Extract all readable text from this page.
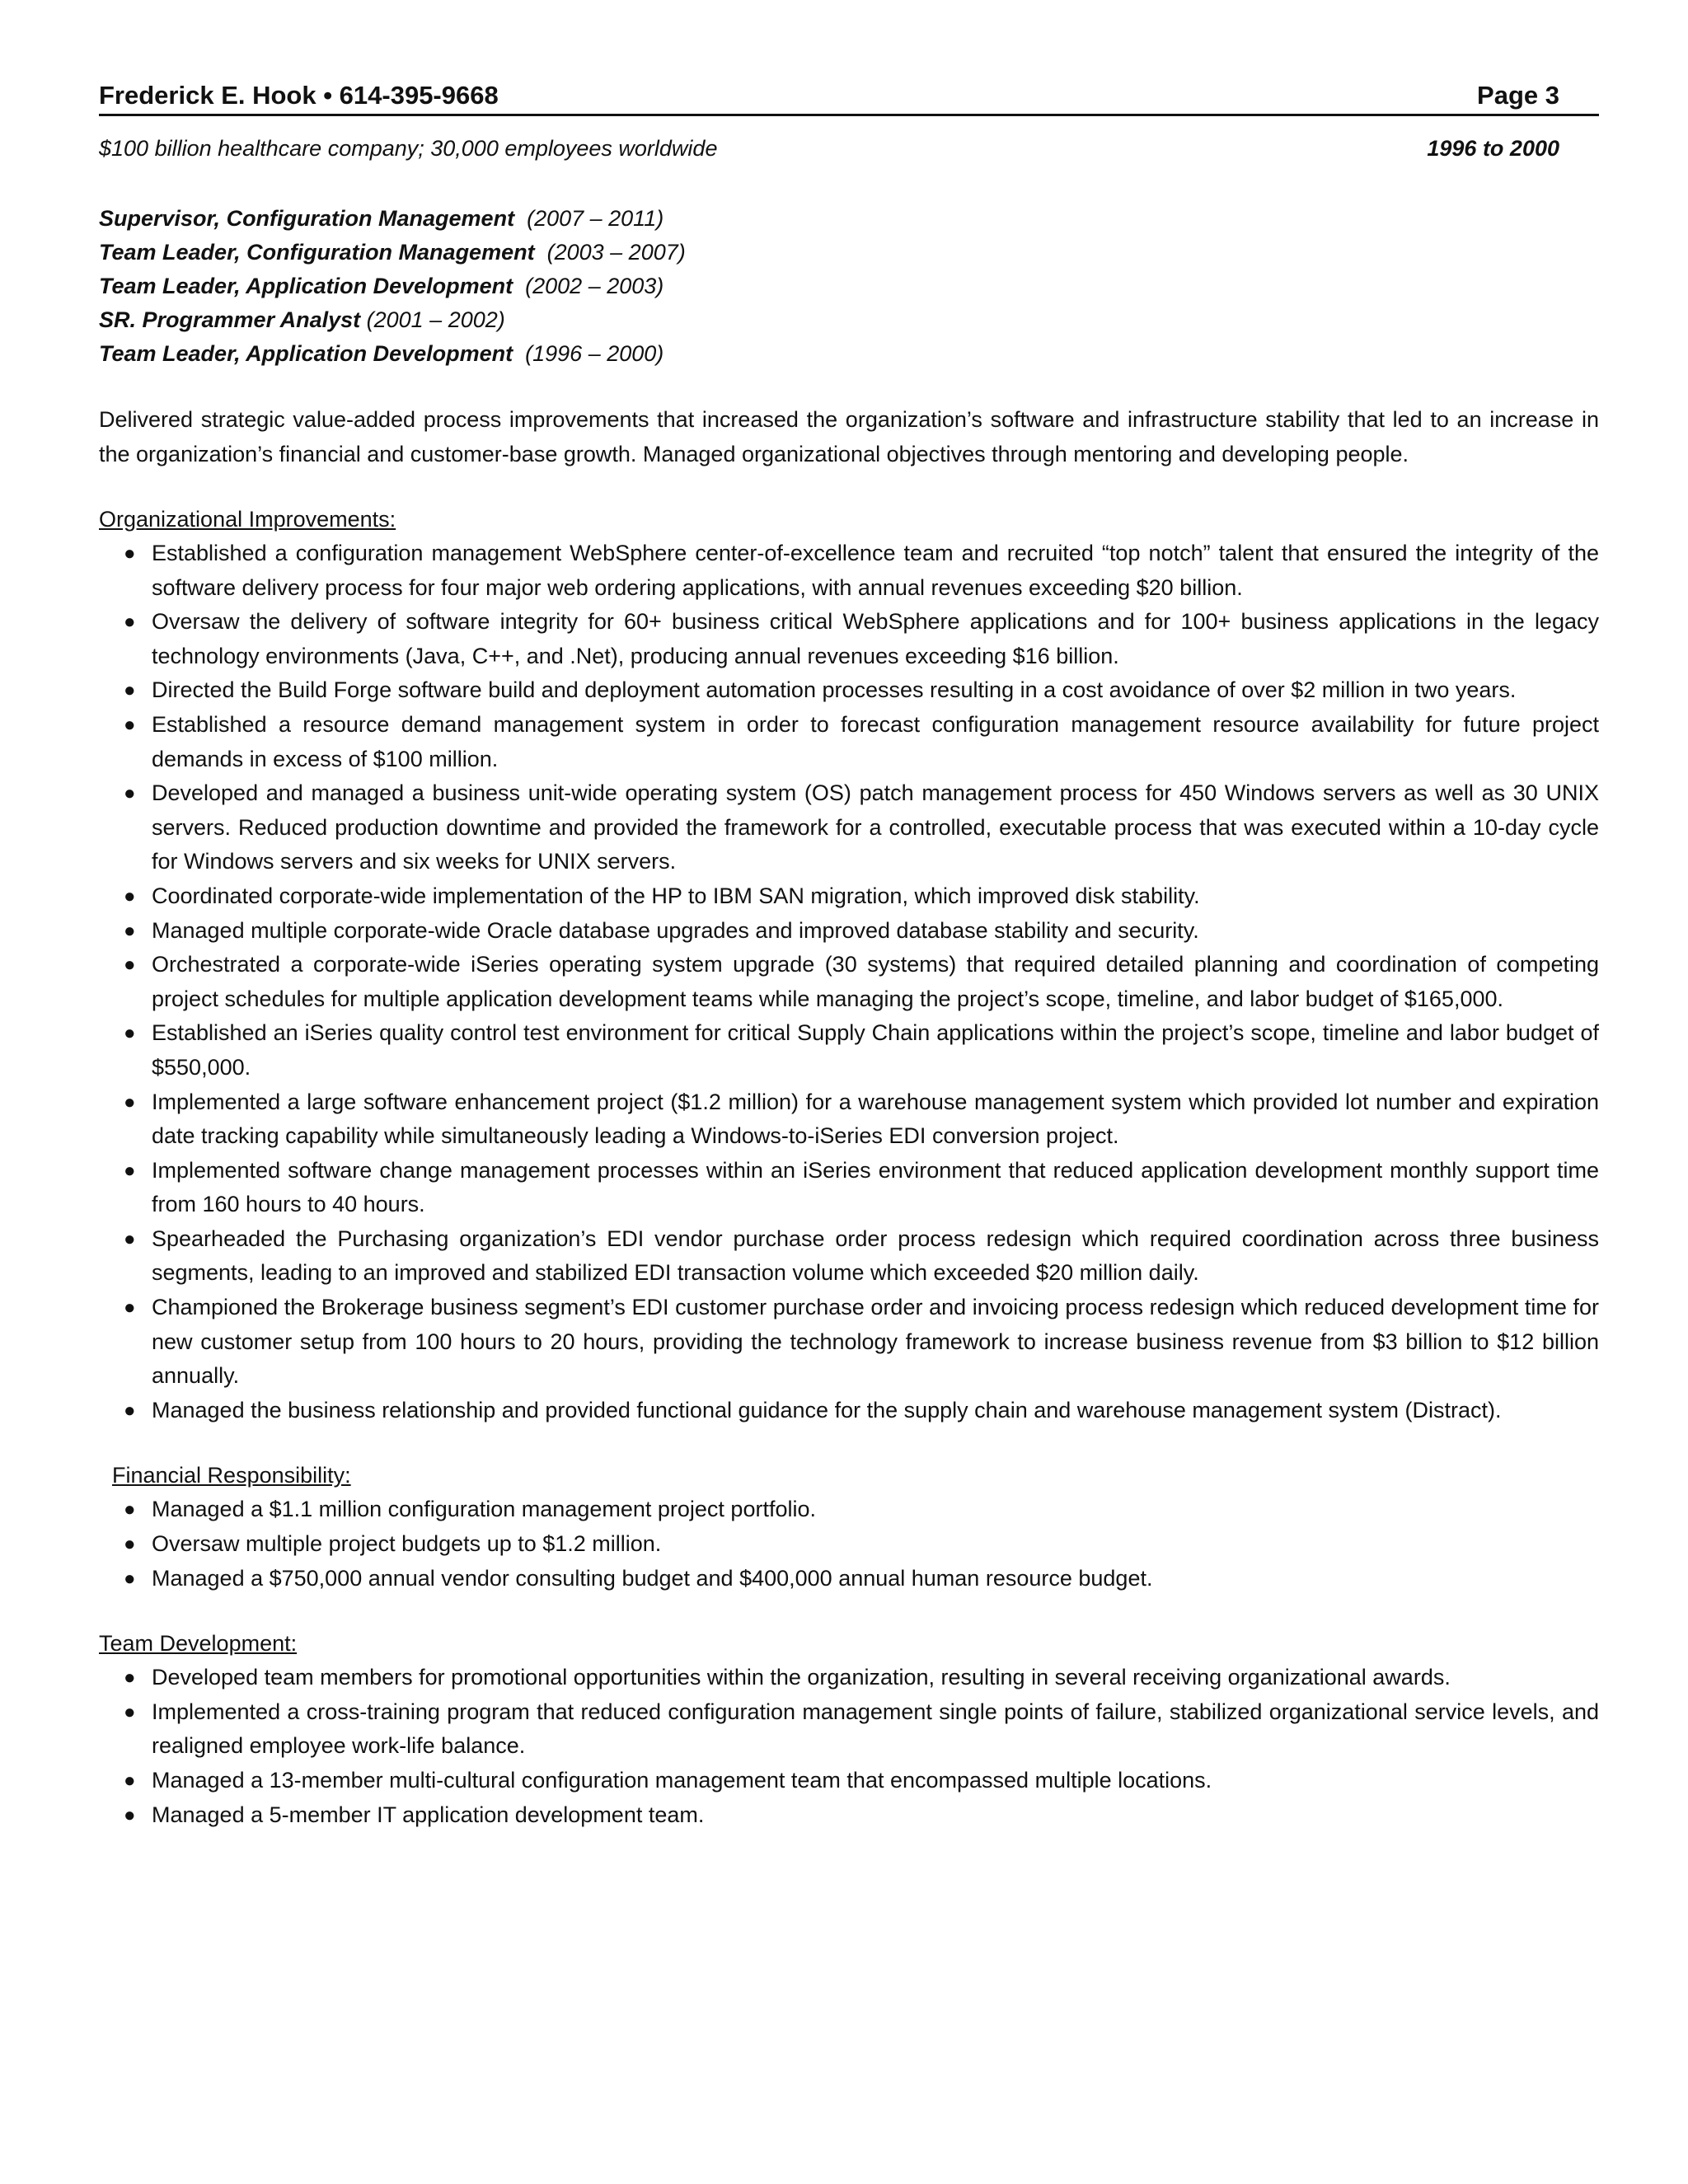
Frederick E. Hook • 614-395-9668	Page 3
$100 billion healthcare company; 30,000 employees worldwide	1996 to 2000
Supervisor, Configuration Management (2007 – 2011)
Team Leader, Configuration Management (2003 – 2007)
Team Leader, Application Development (2002 – 2003)
SR. Programmer Analyst (2001 – 2002)
Team Leader, Application Development (1996 – 2000)
Delivered strategic value-added process improvements that increased the organization’s software and infrastructure stability that led to an increase in the organization’s financial and customer-base growth. Managed organizational objectives through mentoring and developing people.
Organizational Improvements:
● Established a configuration management WebSphere center-of-excellence team and recruited “top notch” talent that ensured the integrity of the software delivery process for four major web ordering applications, with annual revenues exceeding $20 billion.
● Oversaw the delivery of software integrity for 60+ business critical WebSphere applications and for 100+ business applications in the legacy technology environments (Java, C++, and .Net), producing annual revenues exceeding $16 billion.
● Directed the Build Forge software build and deployment automation processes resulting in a cost avoidance of over $2 million in two years.
● Established a resource demand management system in order to forecast configuration management resource availability for future project demands in excess of $100 million.
● Developed and managed a business unit-wide operating system (OS) patch management process for 450 Windows servers as well as 30 UNIX servers. Reduced production downtime and provided the framework for a controlled, executable process that was executed within a 10-day cycle for Windows servers and six weeks for UNIX servers.
● Coordinated corporate-wide implementation of the HP to IBM SAN migration, which improved disk stability.
● Managed multiple corporate-wide Oracle database upgrades and improved database stability and security.
● Orchestrated a corporate-wide iSeries operating system upgrade (30 systems) that required detailed planning and coordination of competing project schedules for multiple application development teams while managing the project’s scope, timeline, and labor budget of $165,000.
● Established an iSeries quality control test environment for critical Supply Chain applications within the project’s scope, timeline and labor budget of $550,000.
● Implemented a large software enhancement project ($1.2 million) for a warehouse management system which provided lot number and expiration date tracking capability while simultaneously leading a Windows-to-iSeries EDI conversion project.
● Implemented software change management processes within an iSeries environment that reduced application development monthly support time from 160 hours to 40 hours.
● Spearheaded the Purchasing organization’s EDI vendor purchase order process redesign which required coordination across three business segments, leading to an improved and stabilized EDI transaction volume which exceeded $20 million daily.
● Championed the Brokerage business segment’s EDI customer purchase order and invoicing process redesign which reduced development time for new customer setup from 100 hours to 20 hours, providing the technology framework to increase business revenue from $3 billion to $12 billion annually.
● Managed the business relationship and provided functional guidance for the supply chain and warehouse management system (Distract).
Financial Responsibility:
● Managed a $1.1 million configuration management project portfolio.
● Oversaw multiple project budgets up to $1.2 million.
● Managed a $750,000 annual vendor consulting budget and $400,000 annual human resource budget.
Team Development:
● Developed team members for promotional opportunities within the organization, resulting in several receiving organizational awards.
● Implemented a cross-training program that reduced configuration management single points of failure, stabilized organizational service levels, and realigned employee work-life balance.
● Managed a 13-member multi-cultural configuration management team that encompassed multiple locations.
● Managed a 5-member IT application development team.
